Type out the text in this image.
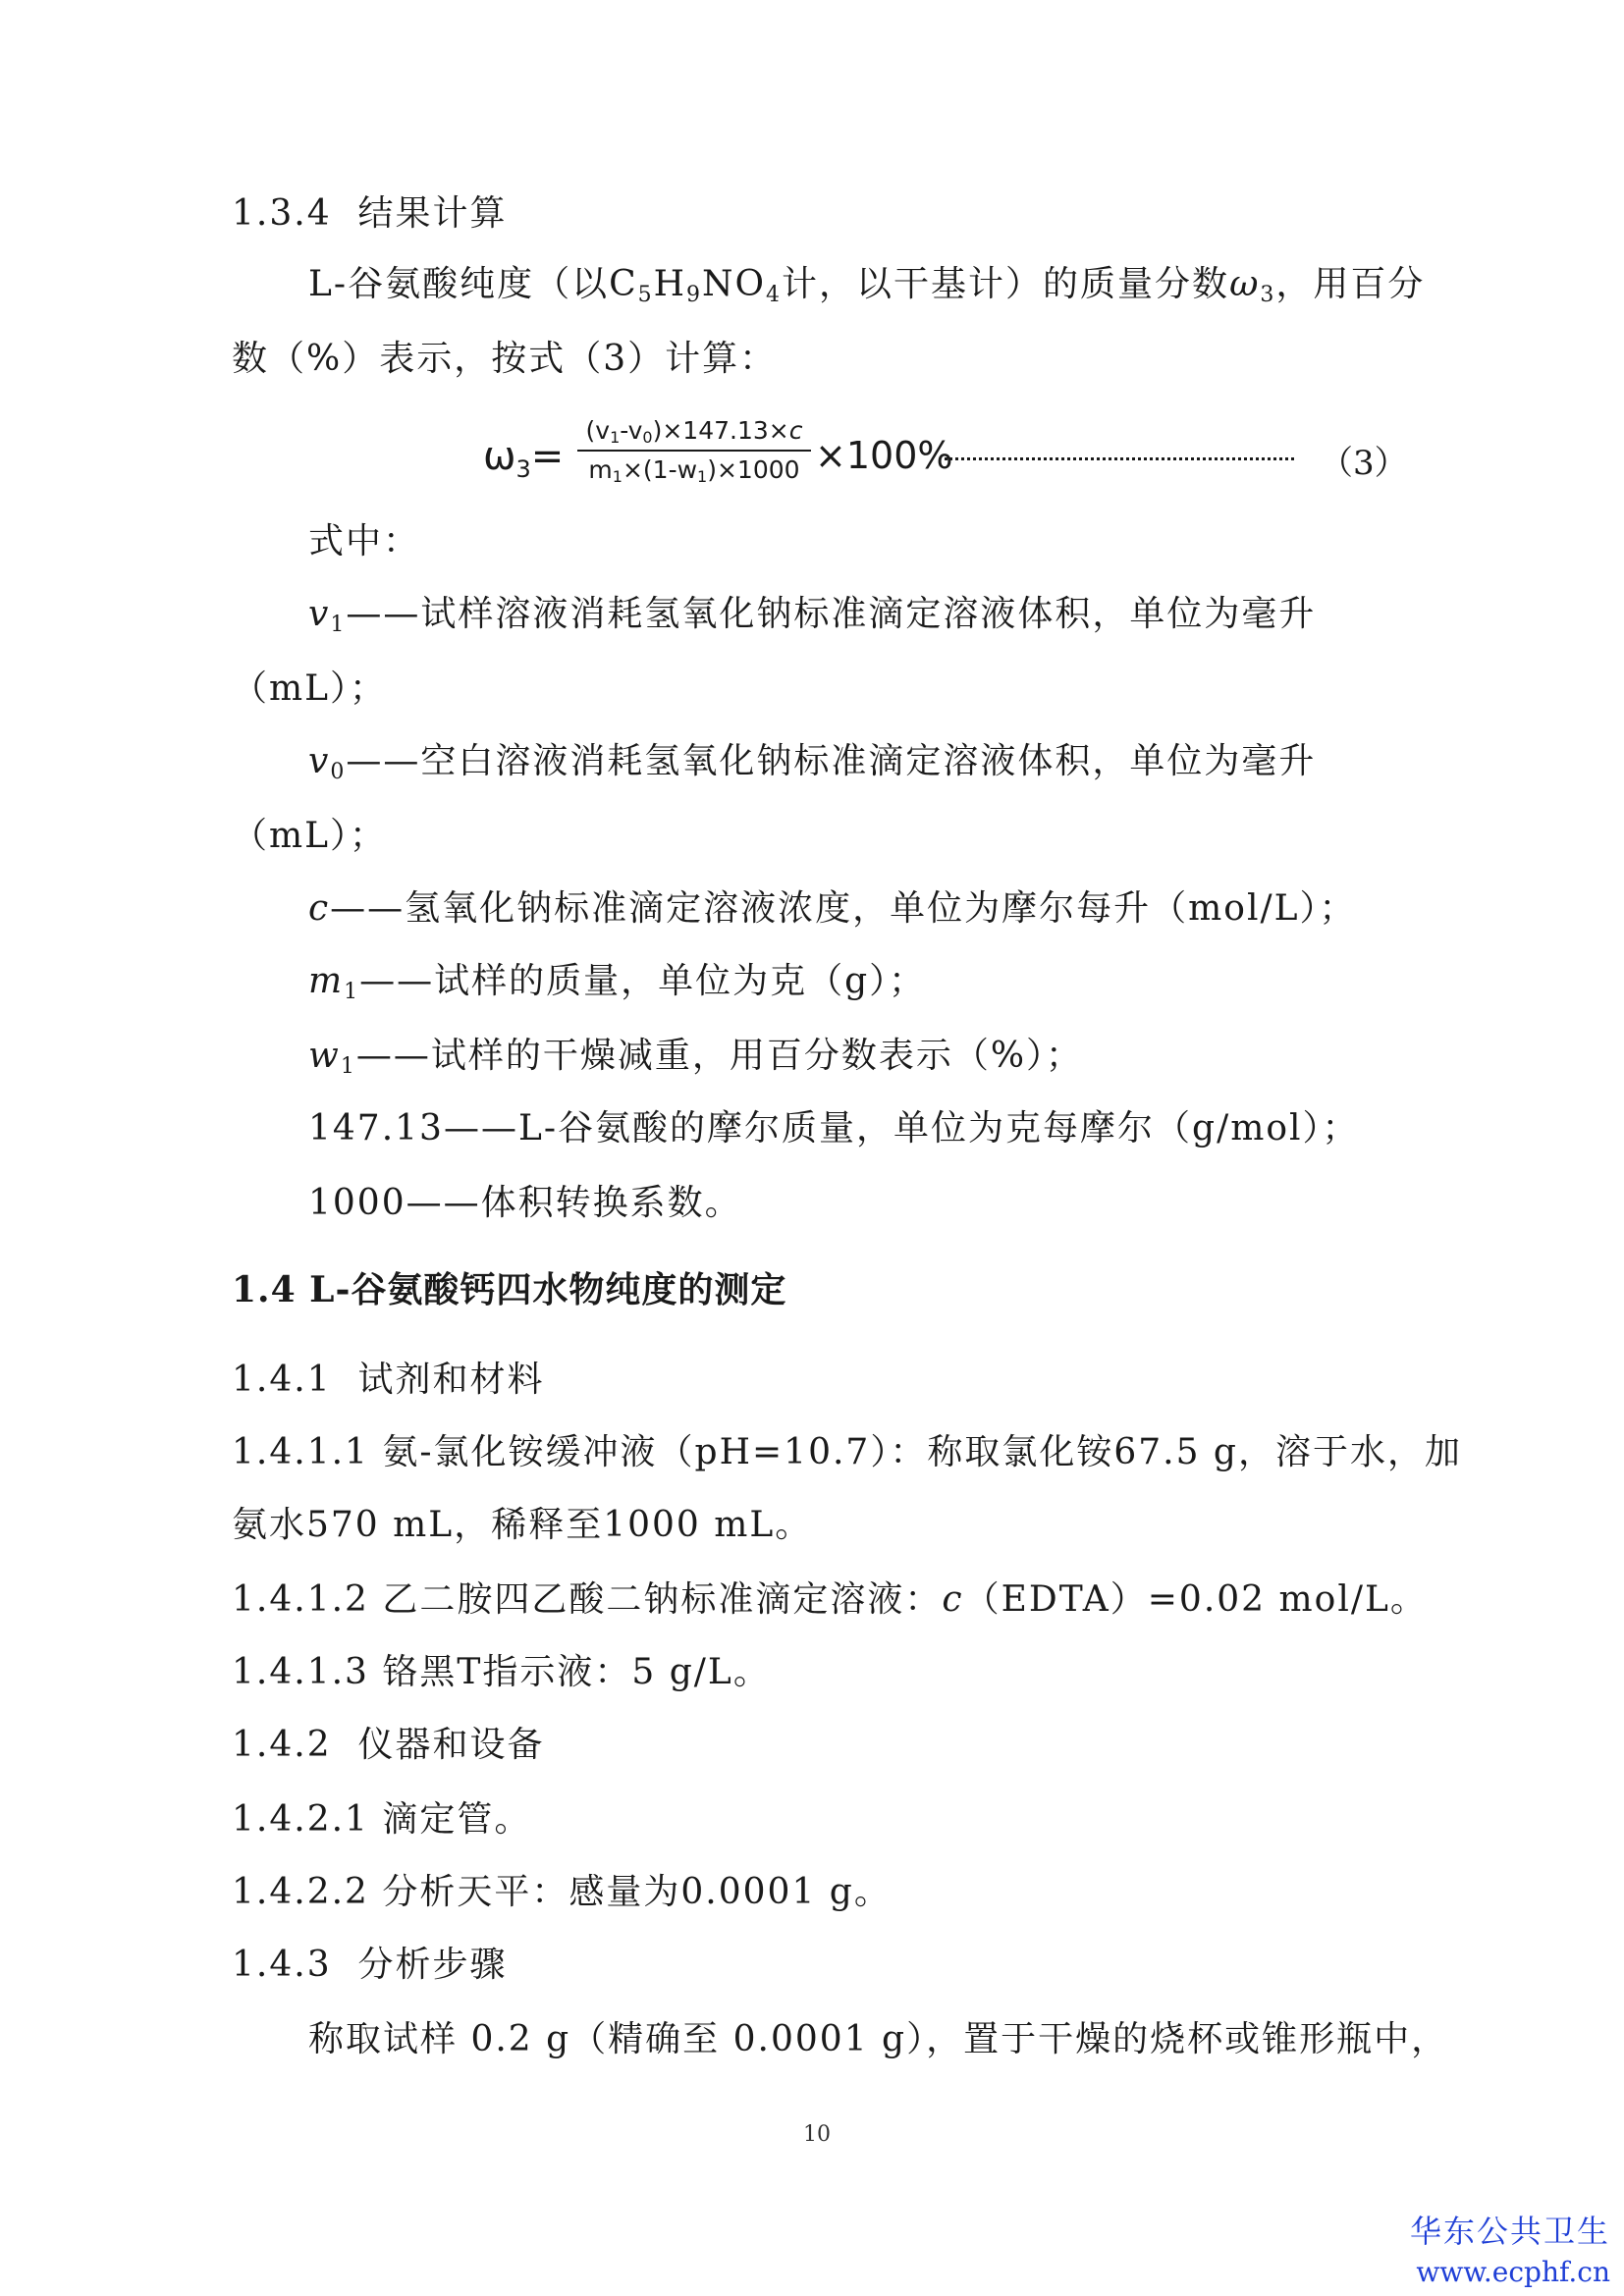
1.3.4 结果计算
L-谷氨酸纯度（以$C_5H_9NO_4$计，以干基计）的质量分数$\omega_3$，用百分
数（%）表示，按式（3）计算：
$\omega_3=$
$(v_1-v_0)\times 147.13\times c$
$m_1\times(1-w_1)\times 1000 \times 100\%$	（3）
式中：
$v_1——$试样溶液消耗氢氧化钠标准滴定溶液体积，单位为毫升
（mL）；
$v_0——$空白溶液消耗氢氧化钠标准滴定溶液体积，单位为毫升
（mL）；
c——氢氧化钠标准滴定溶液浓度，单位为摩尔每升（mol/L）；
$m_1——$试样的质量，单位为克（g）；
$w_1——$试样的干燥减重，用百分数表示（%）；
147.13——L-谷氨酸的摩尔质量，单位为克每摩尔（g/mol）；
1000——体积转换系数。
1.4 L-谷氨酸钙四水物纯度的测定
1.4.1 试剂和材料
1.4.1.1 氨-氯化铵缓冲液（pH=10.7）：称取氯化铵67.5 g，溶于水，加
氨水570 mL，稀释至1000 mL。
1.4.1.2 乙二胺四乙酸二钠标准滴定溶液：c（EDTA）=0.02 mol/L。
1.4.1.3 铬黑T指示液：5 g/L。
1.4.2 仪器和设备
1.4.2.1 滴定管。
1.4.2.2 分析天平：感量为0.0001 g。
1.4.3 分析步骤
称取试样 0.2 g（精确至 0.0001 g），置于干燥的烧杯或锥形瓶中，
10
华东公共卫生
www.ecphf.cn
